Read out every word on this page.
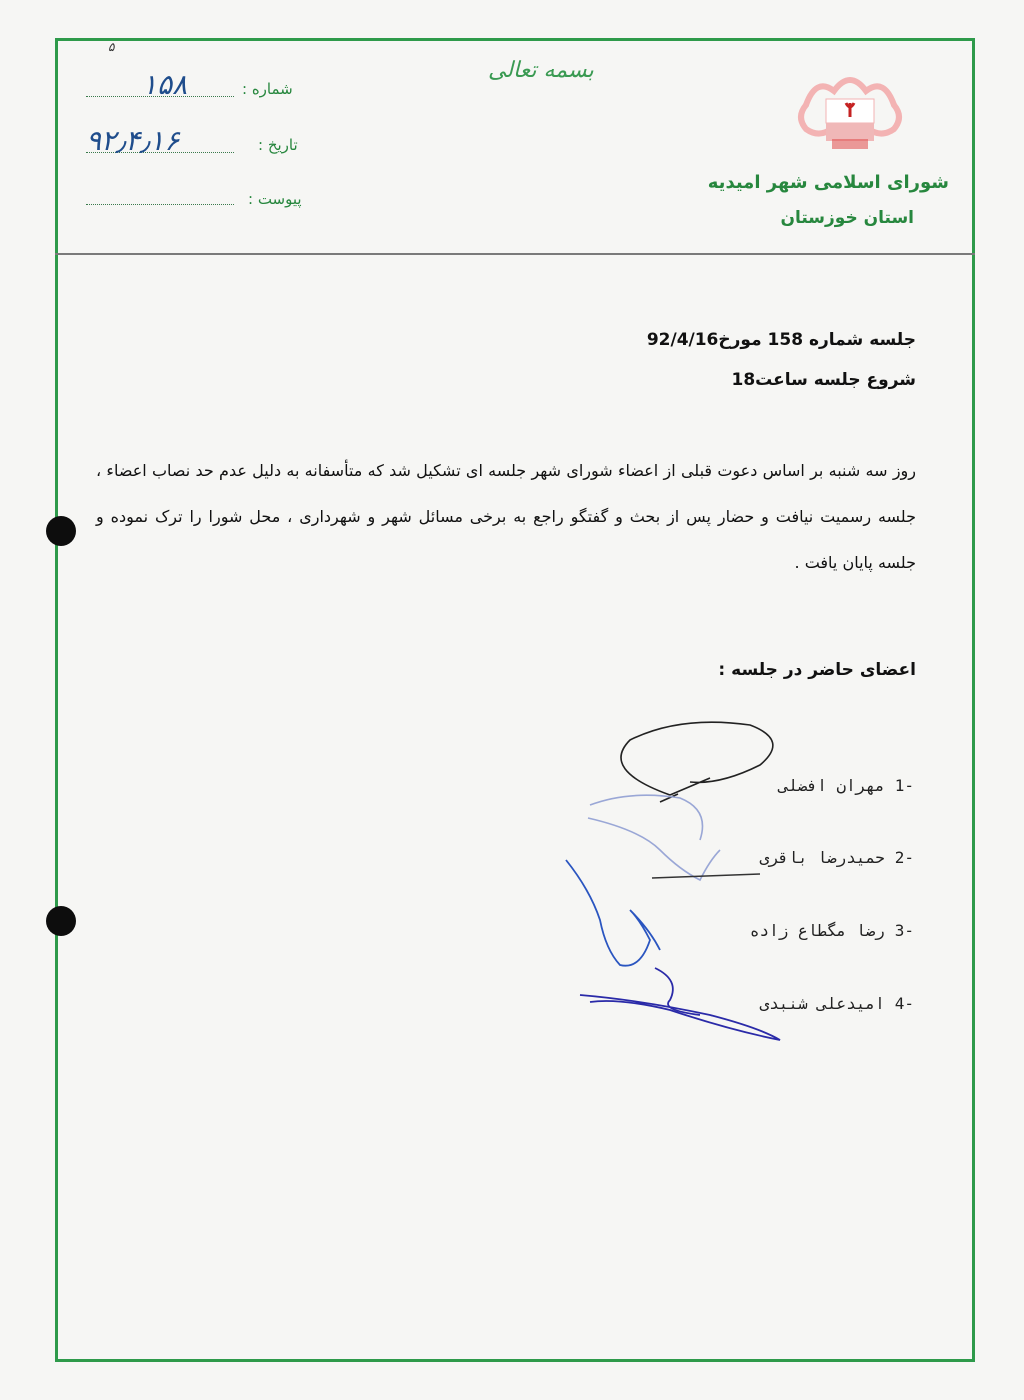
۵
شماره :
۱۵۸
تاریخ :
۹۲٫۴٫۱۶
پیوست :
بسمه تعالی
شورای اسلامی شهر امیدیه
استان خوزستان
جلسه شماره 158 مورخ92/4/16
شروع جلسه ساعت18
روز سه شنبه بر اساس دعوت قبلی از اعضاء شورای شهر جلسه ای تشکیل شد که متأسفانه به دلیل عدم حد نصاب اعضاء ، جلسه رسمیت نیافت و حضار پس از بحث و گفتگو راجع به برخی مسائل شهر و شهرداری ، محل شورا را ترک نموده و جلسه پایان یافت .
اعضای حاضر در جلسه :
-1مهران افضلی
-2حمیدرضا باقری
-3رضا مگطاع زاده
-4امیدعلی شنبدی
